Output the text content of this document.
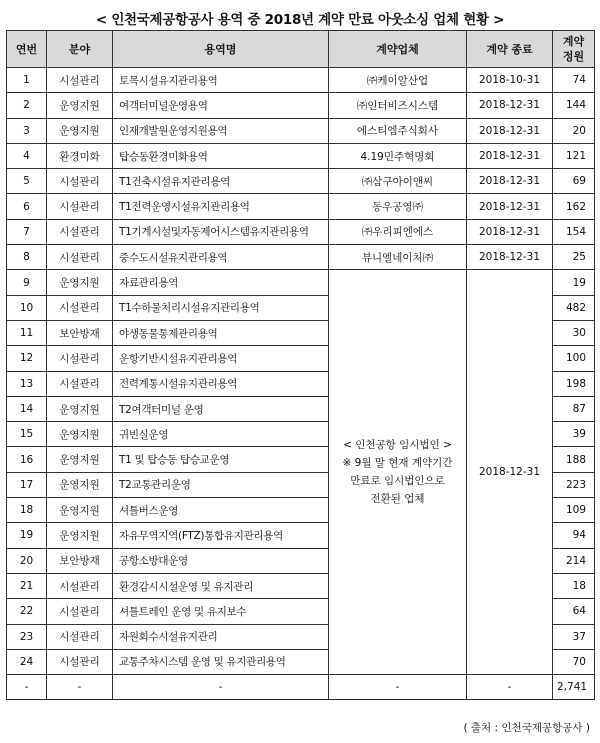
< 인천국제공항공사 용역 중 2018년 계약 만료 아웃소싱 업체 현황 >
연번	분야	용역명	계약업체	계약 종료	계약
정원
1	시설관리	토목시설유지관리용역	㈜케이알산업	2018-10-31	74
2	운영지원	여객터미널운영용역	㈜인터비즈시스템	2018-12-31	144
3	운영지원	인재개발원운영지원용역	에스티엠주식회사	2018-12-31	20
4	환경미화	탑승동환경미화용역	4.19민주혁명회	2018-12-31	121
5	시설관리	T1건축시설유지관리용역	㈜삼구아이앤씨	2018-12-31	69
6	시설관리	T1전력운영시설유지관리용역	동우공영㈜	2018-12-31	162
7	시설관리	T1기계시설및자동제어시스템유지관리용역	㈜우리피엔에스	2018-12-31	154
8	시설관리	중수도시설유지관리용역	뷰니엘네이처㈜	2018-12-31	25
9	운영지원	자료관리용역	< 인천공항 임시법인 >
※ 9월 말 현재 계약기간
만료로 임시법인으로
전환된 업체	2018-12-31	19
10	시설관리	T1수하물처리시설유지관리용역			482
11	보안방재	야생동물통제관리용역			30
12	시설관리	운항기반시설유지관리용역			100
13	시설관리	전력계통시설유지관리용역			198
14	운영지원	T2여객터미널 운영			87
15	운영지원	귀빈실운영			39
16	운영지원	T1 및 탑승동 탑승교운영			188
17	운영지원	T2교통관리운영			223
18	운영지원	셔틀버스운영			109
19	운영지원	자유무역지역(FTZ)통합유지관리용역			94
20	보안방재	공항소방대운영			214
21	시설관리	환경감시시설운영 및 유지관리			18
22	시설관리	셔틀트레인 운영 및 유지보수			64
23	시설관리	자원회수시설유지관리			37
24	시설관리	교통주차시스템 운영 및 유지관리용역			70
-	-	-	-	-	2,741
( 출처 : 인천국제공항공사 )
